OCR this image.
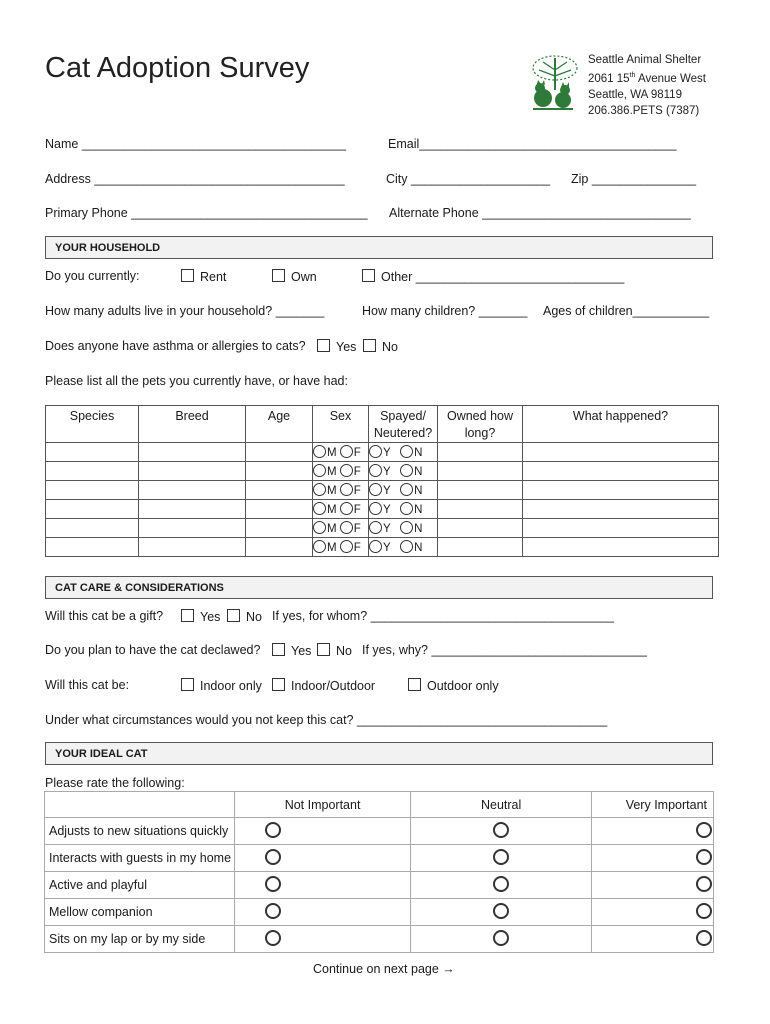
Cat Adoption Survey	Seattle Animal Shelter
2061 15th Avenue West
Seattle, WA 98119
206.386.PETS (7387)
Name ______________________________________	Email_____________________________________
Address ____________________________________	City ____________________ Zip _______________
Primary Phone __________________________________ Alternate Phone ______________________________
YOUR HOUSEHOLD
Do you currently:	Rent	Own	Other ______________________________
How many adults live in your household? _______	How many children? _______ Ages of children___________
Does anyone have asthma or allergies to cats?	Yes	No
Please list all the pets you currently have, or have had:
Species	Breed	Age	Sex	Spayed/ Neutered?	Owned how long?	What happened?
			M F	Y N		
			M F	Y N		
			M F	Y N		
			M F	Y N		
			M F	Y N		
			M F	Y N		
CAT CARE & CONSIDERATIONS
Will this cat be a gift?	Yes	No If yes, for whom? ___________________________________
Do you plan to have the cat declawed?	Yes	No If yes, why? _______________________________
Will this cat be:	Indoor only	Indoor/Outdoor	Outdoor only
Under what circumstances would you not keep this cat? ____________________________________
YOUR IDEAL CAT
Please rate the following:
	Not Important	Neutral	Very Important
Adjusts to new situations quickly			
Interacts with guests in my home			
Active and playful			
Mellow companion			
Sits on my lap or by my side			
Continue on next page →
